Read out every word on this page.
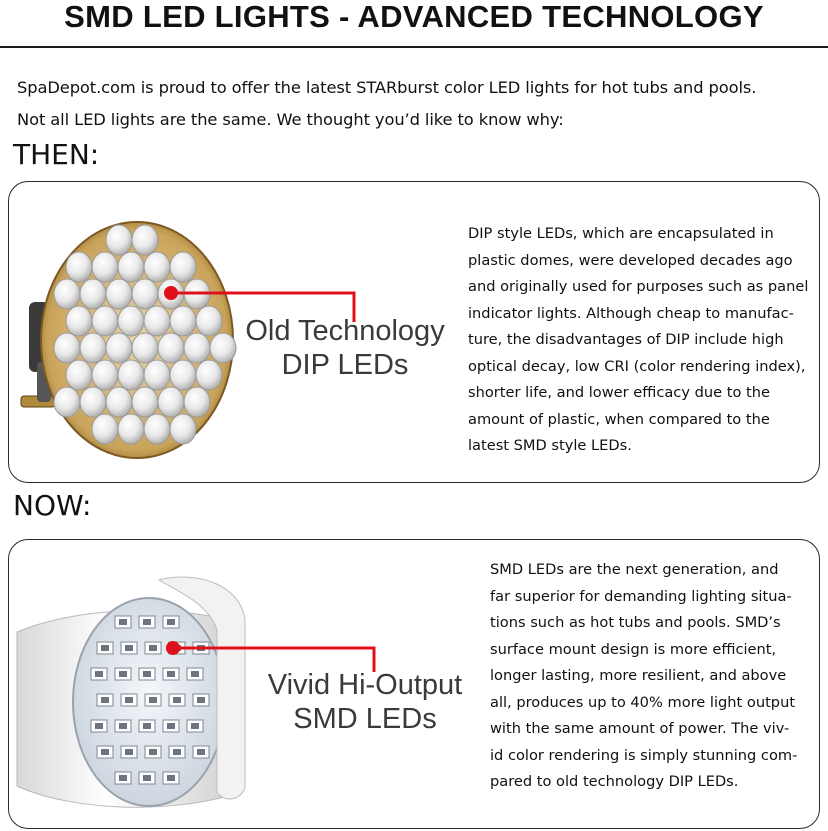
SMD LED LIGHTS - ADVANCED TECHNOLOGY
SpaDepot.com is proud to offer the latest STARburst color LED lights for hot tubs and pools.
Not all LED lights are the same. We thought you’d like to know why:
THEN:
Old Technology
DIP LEDs
DIP style LEDs, which are encapsulated in
plastic domes, were developed decades ago
and originally used for purposes such as panel
indicator lights. Although cheap to manufac-
ture, the disadvantages of DIP include high
optical decay, low CRI (color rendering index),
shorter life, and lower efficacy due to the
amount of plastic, when compared to the
latest SMD style LEDs.
NOW:
Vivid Hi-Output
SMD LEDs
SMD LEDs are the next generation, and
far superior for demanding lighting situa-
tions such as hot tubs and pools. SMD’s
surface mount design is more efficient,
longer lasting, more resilient, and above
all, produces up to 40% more light output
with the same amount of power. The viv-
id color rendering is simply stunning com-
pared to old technology DIP LEDs.
